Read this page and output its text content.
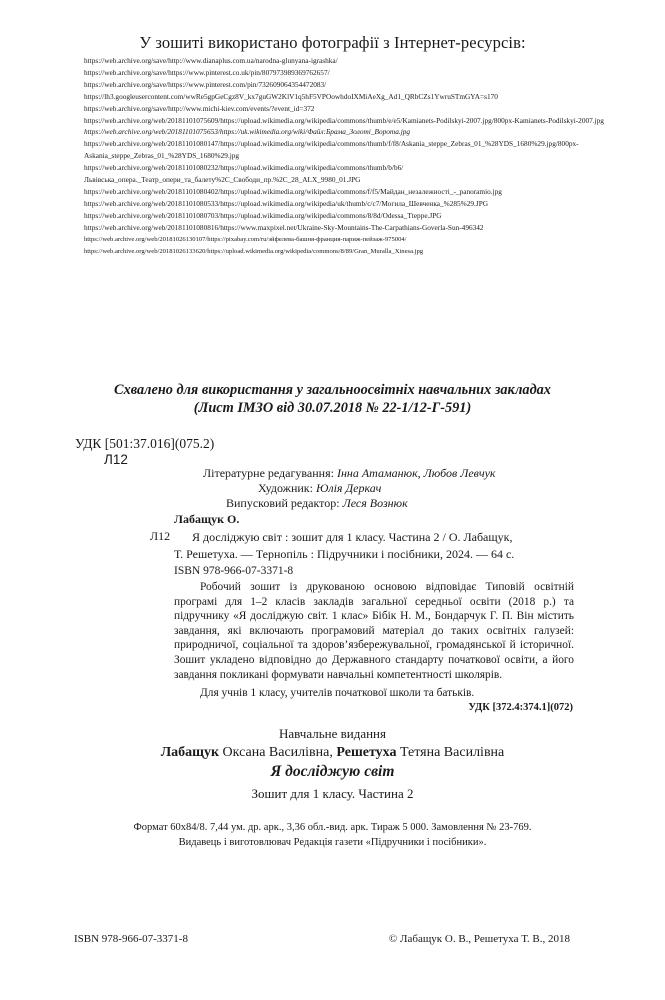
У зошиті використано фотографії з Інтернет-ресурсів:
https://web.archive.org/save/http://www.dianaplus.com.ua/narodna-glunyana-igrashka/
https://web.archive.org/save/https://www.pinterest.co.uk/pin/807973989369762657/
https://web.archive.org/save/https://www.pinterest.com/pin/732609064354472083/
https://lh3.googleusercontent.com/wwRe5gpGeCgz8V_kx7guGW2KlV1q5hF5VPOowhdoIXMiAeXg_Ad1_QRbCZs1YwruSTmGYA=s170
https://web.archive.org/save/http://www.michi-kiev.com/events/?event_id=372
https://web.archive.org/web/20181101075609/https://upload.wikimedia.org/wikipedia/commons/thumb/e/e5/Kamianets-Podilskyi-2007.jpg/800px-Kamianets-Podilskyi-2007.jpg
https://web.archive.org/web/20181101075653/https://uk.wikimedia.org/wiki/Файл:Брама_Золоті_Ворота.jpg
https://web.archive.org/web/20181101080147/https://upload.wikimedia.org/wikipedia/commons/thumb/f/f8/Askania_steppe_Zebras_01_%28YDS_1680%29.jpg/800px-Askania_steppe_Zebras_01_%28YDS_1680%29.jpg
https://web.archive.org/web/20181101080232/https://upload.wikimedia.org/wikipedia/commons/thumb/b/b6/Львівська_опера._Театр_опери_та_балету%2C_Свободи_пр.%2C_28_ALX_9980_01.JPG
https://web.archive.org/web/20181101080402/https://upload.wikimedia.org/wikipedia/commons/f/f5/Майдан_незалежності_-_panoramio.jpg
https://web.archive.org/web/20181101080533/https://upload.wikimedia.org/wikipedia/uk/thumb/c/c7/Могила_Шевченка_%285%29.JPG
https://web.archive.org/web/20181101080703/https://upload.wikimedia.org/wikipedia/commons/8/8d/Odessa_Tteppe.JPG
https://web.archive.org/web/20181101080816/https://www.maxpixel.net/Ukraine-Sky-Mountains-The-Carpathians-Goverla-Sun-496342
https://web.archive.org/web/20181026130107/https://pixabay.com/ru/эйфелева-башня-франция-париж-пейзаж-975004/
https://web.archive.org/web/20181026133620/https://upload.wikimedia.org/wikipedia/commons/8/89/Gran_Muralla_Xinesa.jpg
Схвалено для використання у загальноосвітніх навчальних закладах
(Лист ІМЗО від 30.07.2018 № 22-1/12-Г-591)
УДК [501:37.016](075.2)
Л12
Літературне редагування: Інна Атаманюк, Любов Левчук
Художник: Юлія Деркач
Випусковий редактор: Леся Вознюк
Лабащук О.
Л12	Я досліджую світ : зошит для 1 класу. Частина 2 / О. Лабащук,
Т. Решетуха. — Тернопіль : Підручники і посібники, 2024. — 64 с.
ISBN 978-966-07-3371-8
Робочий зошит із друкованою основою відповідає Типовій освітній програмі для 1–2 класів закладів загальної середньої освіти (2018 р.) та підручнику «Я досліджую світ. 1 клас» Бібік Н. М., Бондарчук Г. П. Він містить завдання, які включають програмовий матеріал до таких освітніх галузей: природничої, соціальної та здоров’язбережувальної, громадянської й історичної. Зошит укладено відповідно до Державного стандарту початкової освіти, а його завдання покликані формувати навчальні компетентності школярів.
Для учнів 1 класу, учителів початкової школи та батьків.
УДК [372.4:374.1](072)
Навчальне видання
Лабащук Оксана Василівна, Решетуха Тетяна Василівна
Я досліджую світ
Зошит для 1 класу. Частина 2
Формат 60х84/8. 7,44 ум. др. арк., 3,36 обл.-вид. арк. Тираж 5 000. Замовлення № 23-769.
Видавець і виготовлювач Редакція газети «Підручники і посібники».
ISBN 978-966-07-3371-8	© Лабащук О. В., Решетуха Т. В., 2018
